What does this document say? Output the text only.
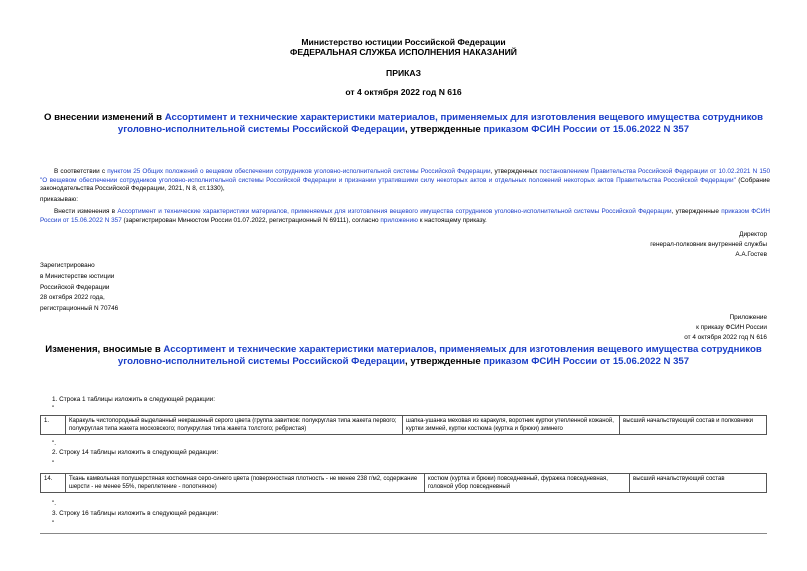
Министерство юстиции Российской Федерации
ФЕДЕРАЛЬНАЯ СЛУЖБА ИСПОЛНЕНИЯ НАКАЗАНИЙ
ПРИКАЗ
от 4 октября 2022 год N 616
О внесении изменений в Ассортимент и технические характеристики материалов, применяемых для изготовления вещевого имущества сотрудников уголовно-исполнительной системы Российской Федерации, утвержденные приказом ФСИН России от 15.06.2022 N 357
В соответствии с пунктом 25 Общих положений о вещевом обеспечении сотрудников уголовно-исполнительной системы Российской Федерации, утвержденных постановлением Правительства Российской Федерации от 10.02.2021 N 150 "О вещевом обеспечении сотрудников уголовно-исполнительной системы Российской Федерации и признании утратившими силу некоторых актов и отдельных положений некоторых актов Правительства Российской Федерации" (Собрание законодательства Российской Федерации, 2021, N 8, ст.1330),
приказываю:
Внести изменения в Ассортимент и технические характеристики материалов, применяемых для изготовления вещевого имущества сотрудников уголовно-исполнительной системы Российской Федерации, утвержденные приказом ФСИН России от 15.06.2022 N 357 (зарегистрирован Минюстом России 01.07.2022, регистрационный N 69111), согласно приложению к настоящему приказу.
Директор
генерал-полковник внутренней службы
А.А.Гостев
Зарегистрировано
в Министерстве юстиции
Российской Федерации
28 октября 2022 года,
регистрационный N 70746
Приложение
к приказу ФСИН России
от 4 октября 2022 год N 616
Изменения, вносимые в Ассортимент и технические характеристики материалов, применяемых для изготовления вещевого имущества сотрудников уголовно-исполнительной системы Российской Федерации, утвержденные приказом ФСИН России от 15.06.2022 N 357
1. Строка 1 таблицы изложить в следующей редакции:
"
1.	Каракуль чистопородный выделанный некрашеный серого цвета (группа завитков: полукруглая типа жакета первого; полукруглая типа жакета московского; полукруглая типа жакета толстого; ребристая)	шапка-ушанка меховая из каракуля, воротник куртки утепленной кожаной, куртки зимней, куртки костюма (куртка и брюки) зимнего	высший начальствующий состав и полковники
".
2. Строку 14 таблицы изложить в следующей редакции:
"
14.	Ткань камвольная полушерстяная костюмная серо-синего цвета (поверхностная плотность - не менее 238 г/м2, содержание шерсти - не менее 55%, переплетение - полотняное)	костюм (куртка и брюки) повседневный, фуражка повседневная, головной убор повседневный	высший начальствующий состав
".
3. Строку 16 таблицы изложить в следующей редакции:
"
